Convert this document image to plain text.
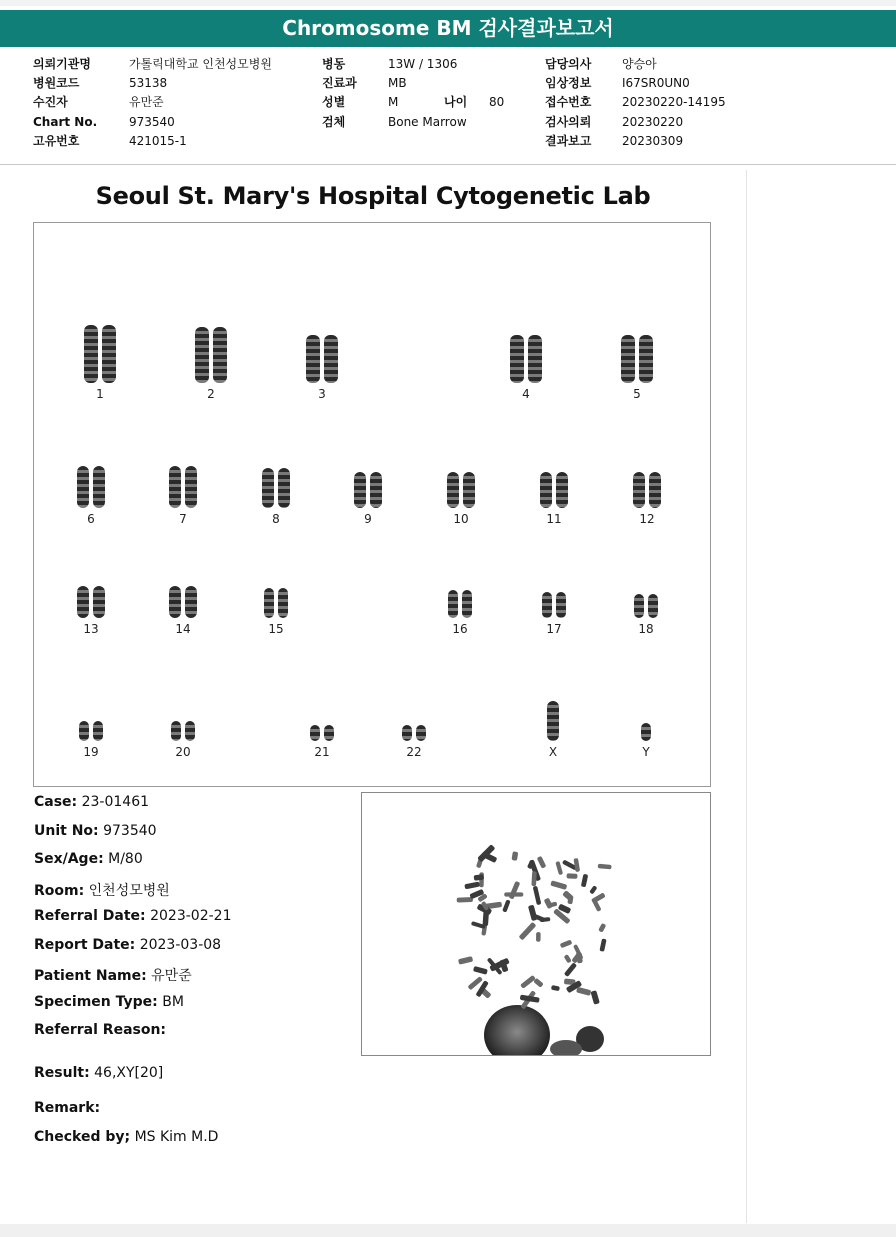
Chromosome BM 검사결과보고서
의뢰기관명	가톨릭대학교 인천성모병원
병원코드	53138
수진자	유만준
Chart No.	973540
고유번호	421015-1
병동	13W / 1306
진료과	MB
성별	M	나이 80
검체	Bone Marrow
담당의사	양승아
임상정보	I67SR0UN0
접수번호	20230220-14195
검사의뢰	20230220
결과보고	20230309
Seoul St. Mary's Hospital Cytogenetic Lab
1	2	3	4	5
6	7	8	9	10	11	12
13	14	15	16	17	18
19	20	21	22	X	Y
Case: 23-01461
Unit No: 973540
Sex/Age: M/80
Room: 인천성모병원
Referral Date: 2023-02-21
Report Date: 2023-03-08
Patient Name: 유만준
Specimen Type: BM
Referral Reason:
Result: 46,XY[20]
Remark:
Checked by; MS Kim M.D
